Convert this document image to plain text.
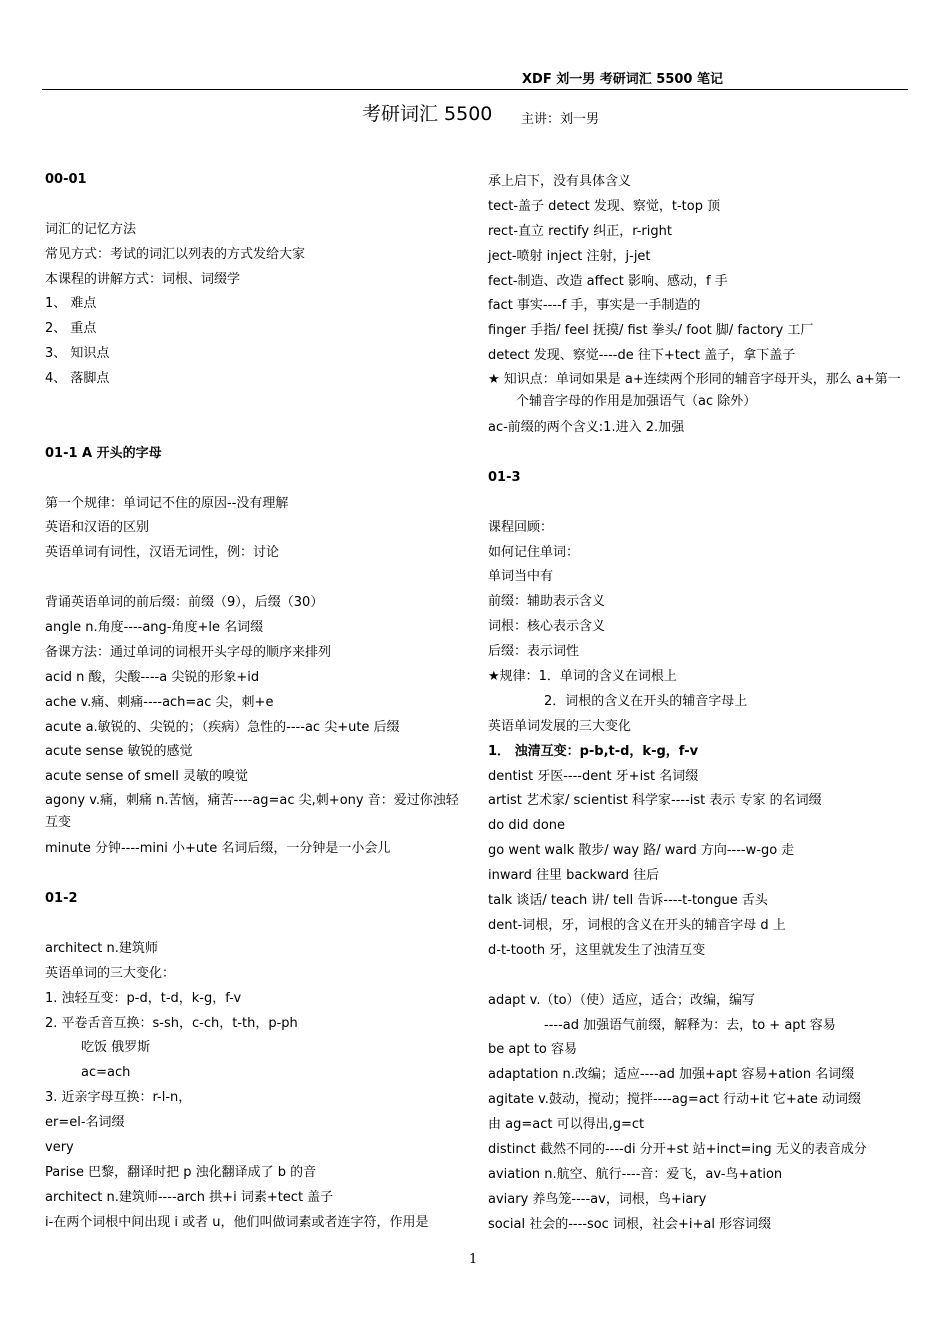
XDF 刘一男 考研词汇 5500 笔记
考研词汇 5500 主讲：刘一男
00-01
词汇的记忆方法
常见方式：考试的词汇以列表的方式发给大家
本课程的讲解方式：词根、词缀学
1、 难点
2、 重点
3、 知识点
4、 落脚点
01-1 A 开头的字母
第一个规律：单词记不住的原因--没有理解
英语和汉语的区别
英语单词有词性，汉语无词性，例：讨论
背诵英语单词的前后缀：前缀（9），后缀（30）
angle n.角度----ang-角度+le 名词缀
备课方法：通过单词的词根开头字母的顺序来排列
acid n 酸，尖酸----a 尖锐的形象+id
ache v.痛、刺痛----ach=ac 尖，刺+e
acute a.敏锐的、尖锐的；（疾病）急性的----ac 尖+ute 后缀
acute sense 敏锐的感觉
acute sense of smell 灵敏的嗅觉
agony v.痛，刺痛 n.苦恼，痛苦----ag=ac 尖,刺+ony 音：爱过你浊轻互变
minute 分钟----mini 小+ute 名词后缀，一分钟是一小会儿
01-2
architect n.建筑师
英语单词的三大变化：
1. 浊轻互变：p-d，t-d，k-g，f-v
2. 平卷舌音互换：s-sh，c-ch，t-th，p-ph
吃饭 俄罗斯
ac=ach
3. 近亲字母互换：r-l-n，
er=el-名词缀
very
Parise 巴黎，翻译时把 p 浊化翻译成了 b 的音
architect n.建筑师----arch 拱+i 词素+tect 盖子
i-在两个词根中间出现 i 或者 u，他们叫做词素或者连字符，作用是
承上启下，没有具体含义
tect-盖子 detect 发现、察觉，t-top 顶
rect-直立 rectify 纠正，r-right
ject-喷射 inject 注射，j-jet
fect-制造、改造 affect 影响、感动，f 手
fact 事实----f 手，事实是一手制造的
finger 手指/ feel 抚摸/ fist 拳头/ foot 脚/ factory 工厂
detect 发现、察觉----de 往下+tect 盖子，拿下盖子
★ 知识点：单词如果是 a+连续两个形同的辅音字母开头，那么 a+第一个辅音字母的作用是加强语气（ac 除外）
ac-前缀的两个含义:1.进入 2.加强
01-3
课程回顾：
如何记住单词：
单词当中有
前缀：辅助表示含义
词根：核心表示含义
后缀：表示词性
★规律：1．单词的含义在词根上
2．词根的含义在开头的辅音字母上
英语单词发展的三大变化
1． 浊清互变：p-b,t-d，k-g，f-v
dentist 牙医----dent 牙+ist 名词缀
artist 艺术家/ scientist 科学家----ist 表示 专家 的名词缀
do did done
go went walk 散步/ way 路/ ward 方向----w-go 走
inward 往里 backward 往后
talk 谈话/ teach 讲/ tell 告诉----t-tongue 舌头
dent-词根，牙，词根的含义在开头的辅音字母 d 上
d-t-tooth 牙，这里就发生了浊清互变
adapt v.（to）（使）适应，适合；改编，编写
----ad 加强语气前缀，解释为：去，to + apt 容易
be apt to 容易
adaptation n.改编；适应----ad 加强+apt 容易+ation 名词缀
agitate v.鼓动，搅动；搅拌----ag=act 行动+it 它+ate 动词缀
由 ag=act 可以得出,g=ct
distinct 截然不同的----di 分开+st 站+inct=ing 无义的表音成分
aviation n.航空、航行----音：爱飞，av-鸟+ation
aviary 养鸟笼----av，词根，鸟+iary
social 社会的----soc 词根，社会+i+al 形容词缀
1
